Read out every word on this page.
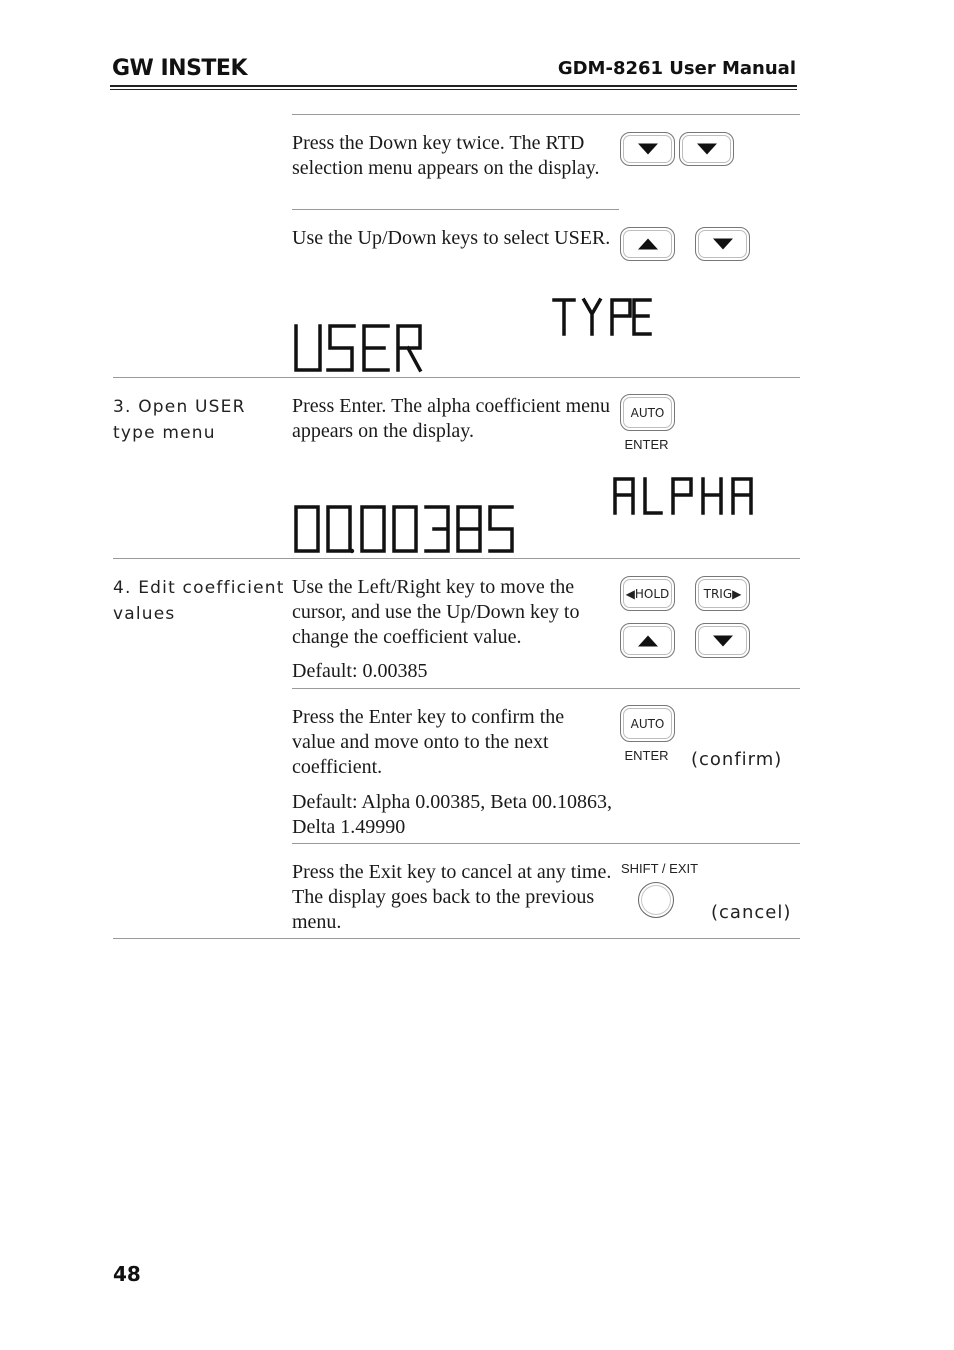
GW INSTEK	GDM-8261 User Manual
Press the Down key twice. The RTD selection menu appears on the display.
Use the Up/Down keys to select USER.
3. Open USER type menu
Press Enter. The alpha coefficient menu appears on the display.
AUTO
ENTER
4. Edit coefficient values
Use the Left/Right key to move the cursor, and use the Up/Down key to change the coefficient value.
Default: 0.00385
◀HOLD	TRIG▶
Press the Enter key to confirm the value and move onto to the next coefficient.
Default: Alpha 0.00385, Beta 00.10863, Delta 1.49990
AUTO
ENTER (confirm)
Press the Exit key to cancel at any time. The display goes back to the previous menu.
SHIFT / EXIT
(cancel)
48
